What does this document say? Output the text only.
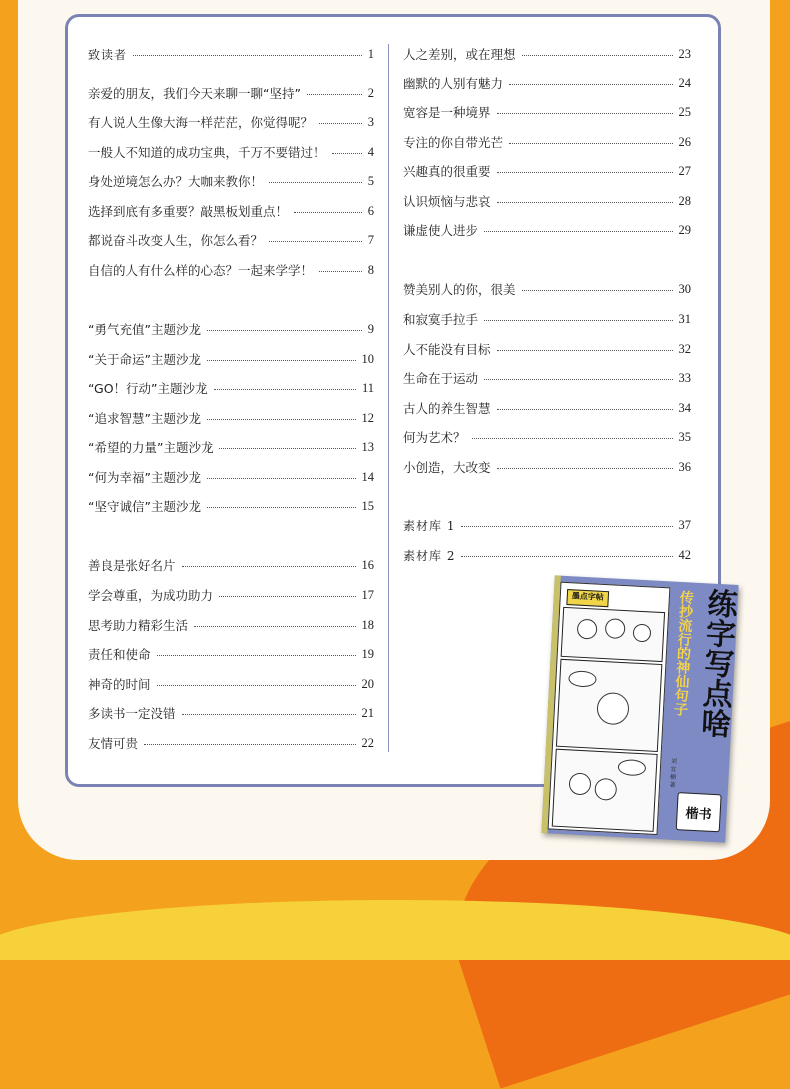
致读者	1
亲爱的朋友，我们今天来聊一聊“坚持”	2
有人说人生像大海一样茫茫，你觉得呢？	3
一般人不知道的成功宝典，千万不要错过！	4
身处逆境怎么办？大咖来教你！	5
选择到底有多重要？敲黑板划重点！	6
都说奋斗改变人生，你怎么看？	7
自信的人有什么样的心态？一起来学学！	8
“勇气充值”主题沙龙	9
“关于命运”主题沙龙	10
“GO！行动”主题沙龙	11
“追求智慧”主题沙龙	12
“希望的力量”主题沙龙	13
“何为幸福”主题沙龙	14
“坚守诚信”主题沙龙	15
善良是张好名片	16
学会尊重，为成功助力	17
思考助力精彩生活	18
责任和使命	19
神奇的时间	20
多读书一定没错	21
友情可贵	22
人之差别，或在理想	23
幽默的人别有魅力	24
宽容是一种境界	25
专注的你自带光芒	26
兴趣真的很重要	27
认识烦恼与悲哀	28
谦虚使人进步	29
赞美别人的你，很美	30
和寂寞手拉手	31
人不能没有目标	32
生命在于运动	33
古人的养生智慧	34
何为艺术？	35
小创造，大改变	36
素材库 1	37
素材库 2	42
墨点字帖	传抄流行的神仙句子 练字写点啥
刘 宜 楠 著
楷书
